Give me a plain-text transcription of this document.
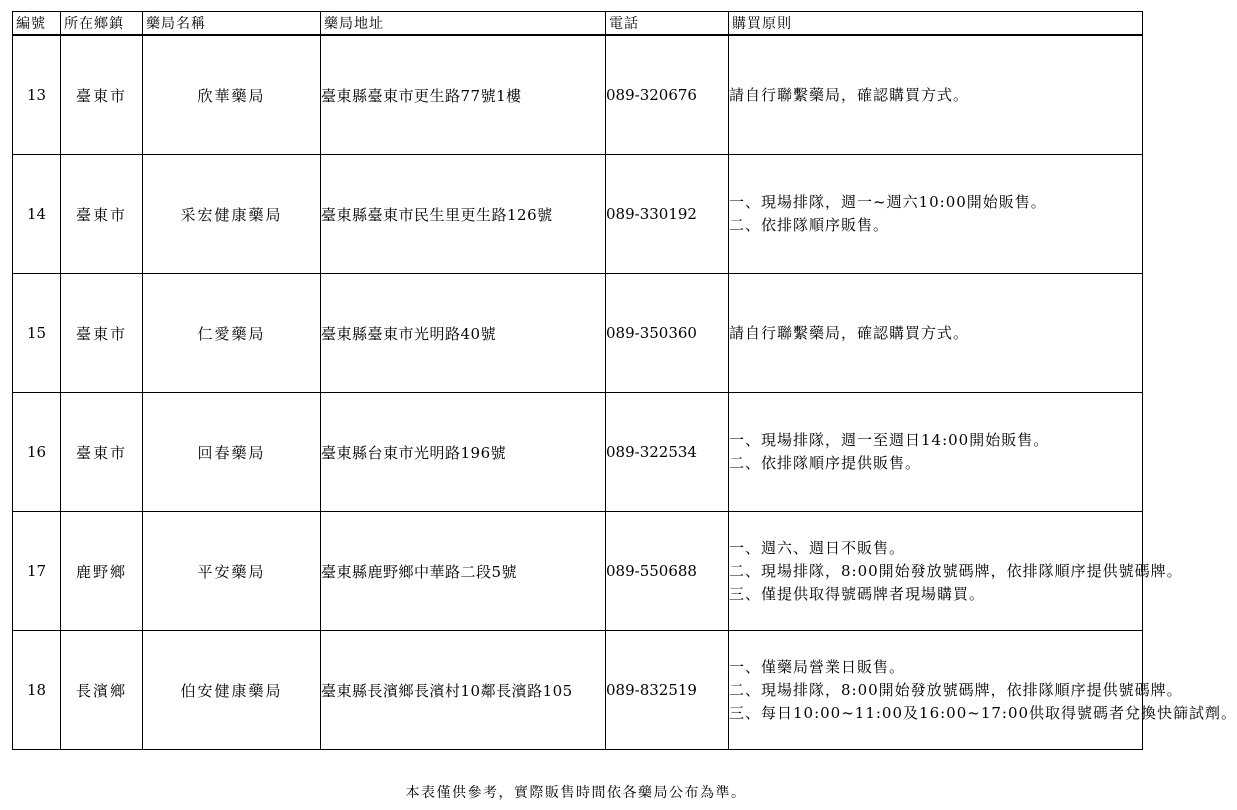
編號	所在鄉鎮	藥局名稱	藥局地址	電話	購買原則
13	臺東市	欣華藥局	臺東縣臺東市更生路77號1樓	089-320676	請自行聯繫藥局，確認購買方式。

14	臺東市	采宏健康藥局	臺東縣臺東市民生里更生路126號	089-330192	一、現場排隊，週一~週六10:00開始販售。
二、依排隊順序販售。

15	臺東市	仁愛藥局	臺東縣臺東市光明路40號	089-350360	請自行聯繫藥局，確認購買方式。

16	臺東市	回春藥局	臺東縣台東市光明路196號	089-322534	一、現場排隊，週一至週日14:00開始販售。
二、依排隊順序提供販售。

17	鹿野鄉	平安藥局	臺東縣鹿野鄉中華路二段5號	089-550688	一、週六、週日不販售。
二、現場排隊，8:00開始發放號碼牌，依排隊順序提供號碼牌。
三、僅提供取得號碼牌者現場購買。

18	長濱鄉	伯安健康藥局	臺東縣長濱鄉長濱村10鄰長濱路105	089-832519	一、僅藥局營業日販售。
二、現場排隊，8:00開始發放號碼牌，依排隊順序提供號碼牌。
三、每日10:00~11:00及16:00~17:00供取得號碼者兌換快篩試劑。
本表僅供參考，實際販售時間依各藥局公布為準。
